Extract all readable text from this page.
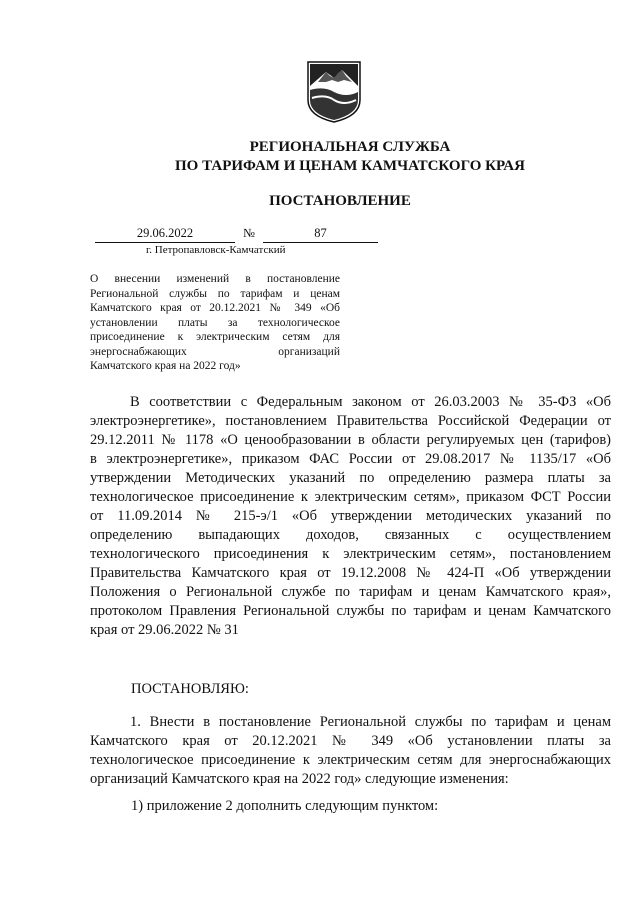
РЕГИОНАЛЬНАЯ СЛУЖБА
ПО ТАРИФАМ И ЦЕНАМ КАМЧАТСКОГО КРАЯ
ПОСТАНОВЛЕНИЕ
29.06.2022	№	87
г. Петропавловск-Камчатский
О внесении изменений в постановление
Региональной службы по тарифам и ценам
Камчатского края от 20.12.2021 № 349 «Об
установлении платы за технологическое
присоединение к электрическим сетям для
энергоснабжающих организаций
Камчатского края на 2022 год»
В соответствии с Федеральным законом от 26.03.2003 № 35-ФЗ «Об
электроэнергетике», постановлением Правительства Российской Федерации от
29.12.2011 № 1178 «О ценообразовании в области регулируемых цен (тарифов)
в электроэнергетике», приказом ФАС России от 29.08.2017 № 1135/17 «Об
утверждении Методических указаний по определению размера платы за
технологическое присоединение к электрическим сетям», приказом ФСТ России
от 11.09.2014 № 215-э/1 «Об утверждении методических указаний по
определению выпадающих доходов, связанных с осуществлением
технологического присоединения к электрическим сетям», постановлением
Правительства Камчатского края от 19.12.2008 № 424-П «Об утверждении
Положения о Региональной службе по тарифам и ценам Камчатского края»,
протоколом Правления Региональной службы по тарифам и ценам Камчатского
края от 29.06.2022 № 31
ПОСТАНОВЛЯЮ:
1. Внести в постановление Региональной службы по тарифам и ценам
Камчатского края от 20.12.2021 № 349 «Об установлении платы за
технологическое присоединение к электрическим сетям для энергоснабжающих
организаций Камчатского края на 2022 год» следующие изменения:
1) приложение 2 дополнить следующим пунктом:
